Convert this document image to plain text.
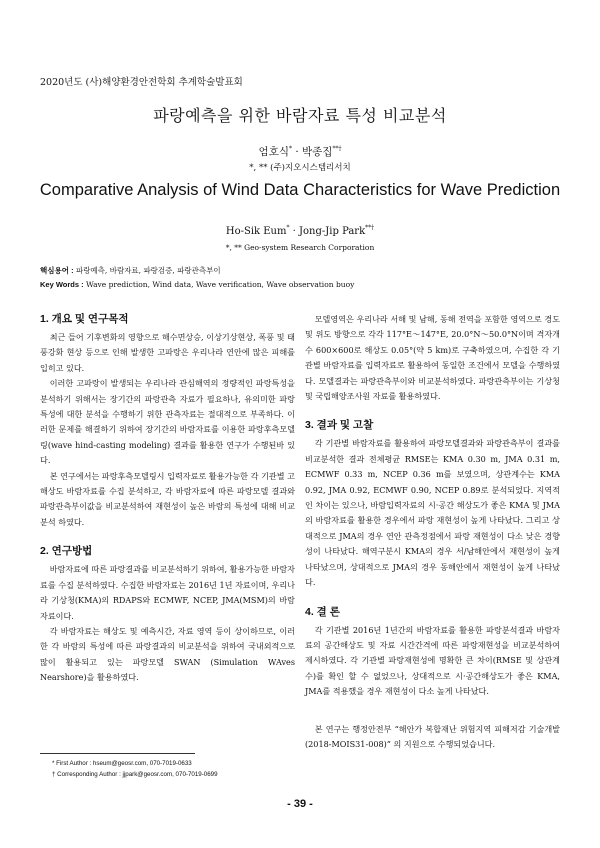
2020년도 (사)해양환경안전학회 추계학술발표회
파랑예측을 위한 바람자료 특성 비교분석
엄호식* · 박종집**†
*, ** (주)지오시스템리서치
Comparative Analysis of Wind Data Characteristics for Wave Prediction
Ho-Sik Eum* · Jong-Jip Park**†
*, ** Geo-system Research Corporation
핵심용어 : 파랑예측, 바람자료, 파랑검증, 파랑관측부이
Key Words : Wave prediction, Wind data, Wave verification, Wave observation buoy
1. 개요 및 연구목적

최근 들어 기후변화의 영향으로 해수면상승, 이상기상현상, 폭풍 및 태풍강화 현상 등으로 인해 발생한 고파랑은 우리나라 연안에 많은 피해를 입히고 있다.

이러한 고파랑이 발생되는 우리나라 관심해역의 정량적인 파랑특성을 분석하기 위해서는 장기간의 파랑관측 자료가 필요하나, 유의미한 파랑특성에 대한 분석을 수행하기 위한 관측자료는 절대적으로 부족하다. 이러한 문제를 해결하기 위하여 장기간의 바람자료를 이용한 파랑후측모델링(wave hind-casting modeling) 결과를 활용한 연구가 수행된바 있다.

본 연구에서는 파랑후측모델링시 입력자료로 활용가능한 각 기관별 고해상도 바람자료를 수집 분석하고, 각 바람자료에 따른 파랑모델 결과와 파랑관측부이값을 비교분석하여 재현성이 높은 바람의 특성에 대해 비교분석 하였다.

2. 연구방법

바람자료에 따른 파랑결과를 비교분석하기 위하여, 활용가능한 바람자료를 수집 분석하였다. 수집한 바람자료는 2016년 1년 자료이며, 우리나라 기상청(KMA)의 RDAPS와 ECMWF, NCEP, JMA(MSM)의 바람자료이다.

각 바람자료는 해상도 및 예측시간, 자료 영역 등이 상이하므로, 이러한 각 바람의 특성에 따른 파랑결과의 비교분석을 위하여 국내외적으로 많이 활용되고 있는 파랑모델 SWAN (Simulation WAves Nearshore)을 활용하였다.

모델영역은 우리나라 서해 및 남해, 동해 전역을 포함한 영역으로 경도 및 위도 방향으로 각각 117°E～147°E, 20.0°N～50.0°N이며 격자개수 600×600로 해상도 0.05°(약 5 km)로 구축하였으며, 수집한 각 기관별 바람자료를 입력자료로 활용하여 동일한 조건에서 모델을 수행하였다. 모델결과는 파랑관측부이와 비교분석하였다. 파랑관측부이는 기상청 및 국립해양조사원 자료를 활용하였다.

3. 결과 및 고찰

각 기관별 바람자료를 활용하여 파랑모델결과와 파랑관측부이 결과를 비교분석한 결과 전체평균 RMSE는 KMA 0.30 m, JMA 0.31 m, ECMWF 0.33 m, NCEP 0.36 m를 보였으며, 상관계수는 KMA 0.92, JMA 0.92, ECMWF 0.90, NCEP 0.89로 분석되었다. 지역적인 차이는 있으나, 바람입력자료의 시·공간 해상도가 좋은 KMA 및 JMA의 바람자료를 활용한 경우에서 파랑 재현성이 높게 나타났다. 그리고 상대적으로 JMA의 경우 연안 관측정점에서 파랑 재현성이 다소 낮은 경향성이 나타났다. 해역구분시 KMA의 경우 서/남해안에서 재현성이 높게 나타났으며, 상대적으로 JMA의 경우 동해안에서 재현성이 높게 나타났다.

4. 결 론

각 기관별 2016년 1년간의 바람자료를 활용한 파랑분석결과 바람자료의 공간해상도 및 자료 시간간격에 따른 파랑재현성을 비교분석하여 제시하였다. 각 기관별 파랑재현성에 명확한 큰 차이(RMSE 및 상관계수)를 확인 할 수 없었으나, 상대적으로 시·공간해상도가 좋은 KMA, JMA를 적용했을 경우 재현성이 다소 높게 나타났다.

본 연구는 행정안전부 “해안가 복합재난 위험지역 피해저감 기술개발 (2018-MOIS31-008)” 의 지원으로 수행되었습니다.

* First Author : hseum@geosr.com, 070-7019-0633
† Corresponding Author : jjpark@geosr.com, 070-7019-0699
- 39 -
